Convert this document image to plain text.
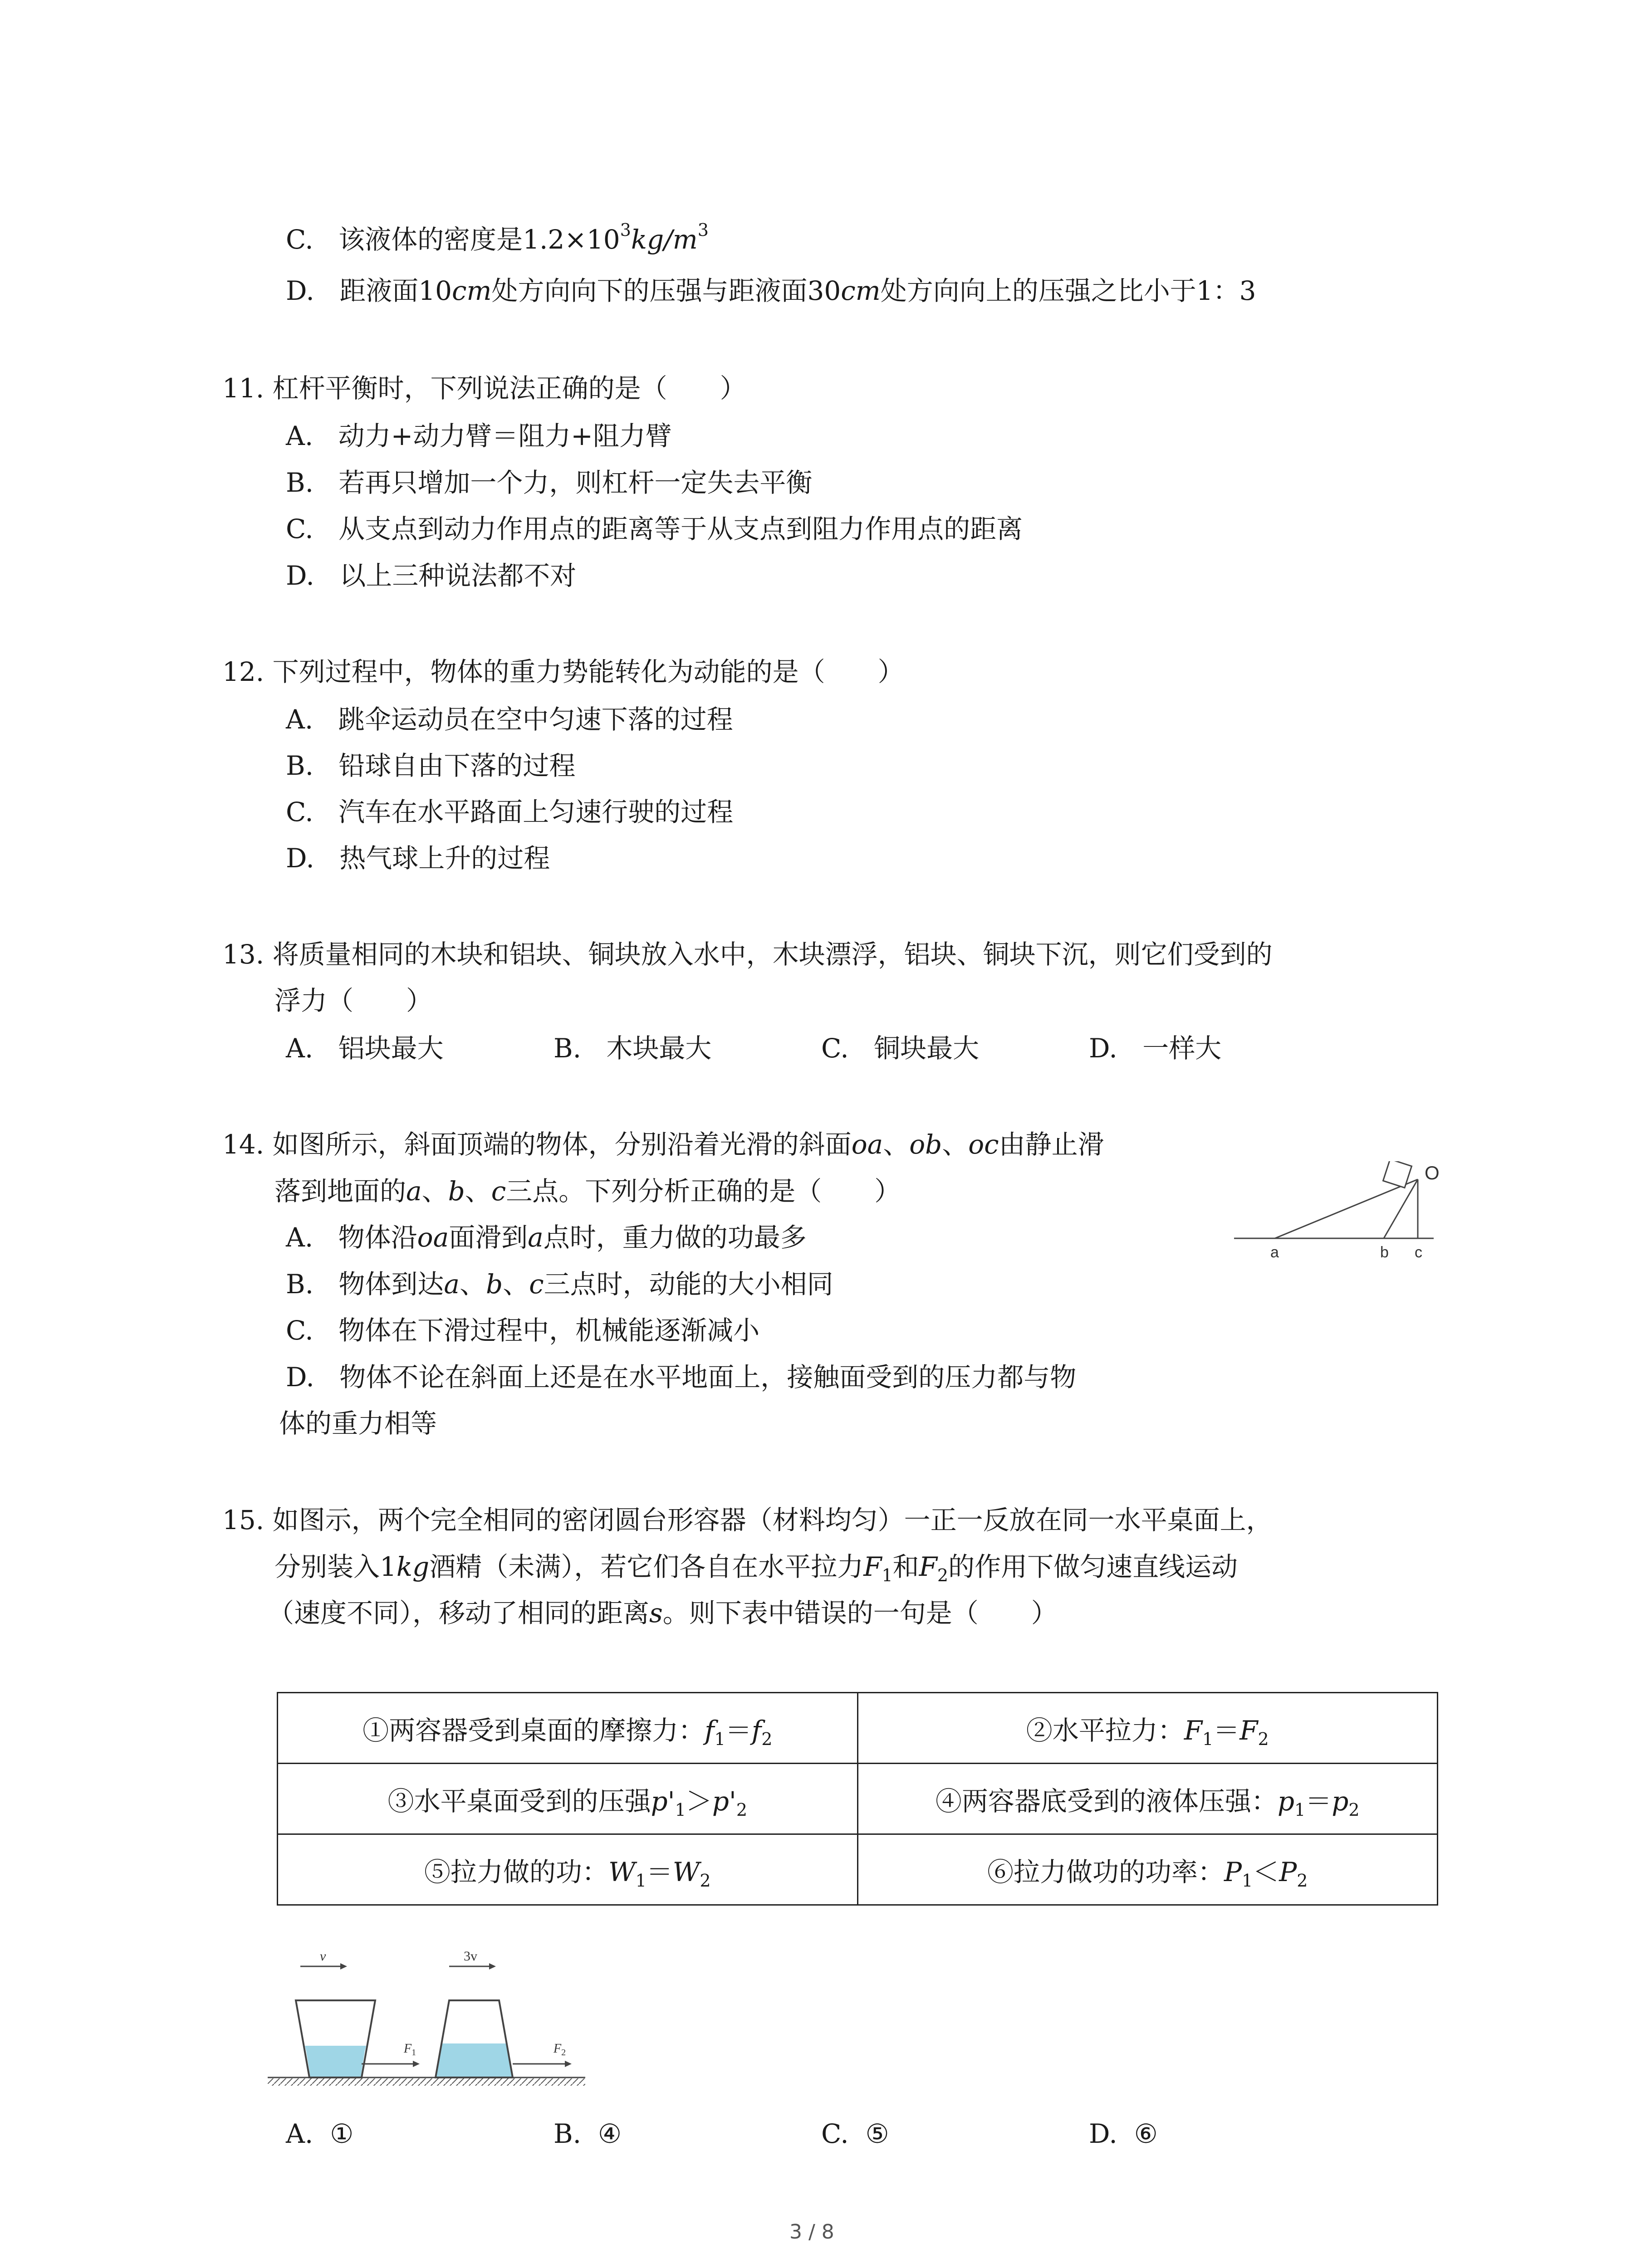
C. 该液体的密度是$1.2\times 10^3kg/m^3$
D. 距液面10cm处方向向下的压强与距液面30cm处方向向上的压强之比小于1：3
11. 杠杆平衡时，下列说法正确的是（　　）
A. 动力+动力臂＝阻力+阻力臂
B. 若再只增加一个力，则杠杆一定失去平衡
C. 从支点到动力作用点的距离等于从支点到阻力作用点的距离
D. 以上三种说法都不对
12. 下列过程中，物体的重力势能转化为动能的是（　　）
A. 跳伞运动员在空中匀速下落的过程
B. 铅球自由下落的过程
C. 汽车在水平路面上匀速行驶的过程
D. 热气球上升的过程
13. 将质量相同的木块和铝块、铜块放入水中，木块漂浮，铝块、铜块下沉，则它们受到的
浮力（　　）
A. 铝块最大	B. 木块最大	C. 铜块最大	D. 一样大
14. 如图所示，斜面顶端的物体，分别沿着光滑的斜面oa、ob、oc由静止滑
落到地面的a、b、c三点。下列分析正确的是（　　）
A. 物体沿oa面滑到a点时，重力做的功最多
B. 物体到达a、b、c三点时，动能的大小相同
C. 物体在下滑过程中，机械能逐渐减小
D. 物体不论在斜面上还是在水平地面上，接触面受到的压力都与物
体的重力相等
O
a	b c
15. 如图示，两个完全相同的密闭圆台形容器（材料均匀）一正一反放在同一水平桌面上，
分别装入1kg酒精（未满），若它们各自在水平拉力$F_1$和$F_2$的作用下做匀速直线运动
（速度不同），移动了相同的距离s。则下表中错误的一句是（　　）
①两容器受到桌面的摩擦力：$f_1=f_2$	②水平拉力：$F_1=F_2$
③水平桌面受到的压强$p'_1>p'_2$	④两容器底受到的液体压强：$p_1=p_2$
⑤拉力做的功：$W_1=W_2$	⑥拉力做功的功率：$P_1<P_2$
v
$F_1$
3v
$F_2$
A. ①	B. ④	C. ⑤	D. ⑥
3 / 8
